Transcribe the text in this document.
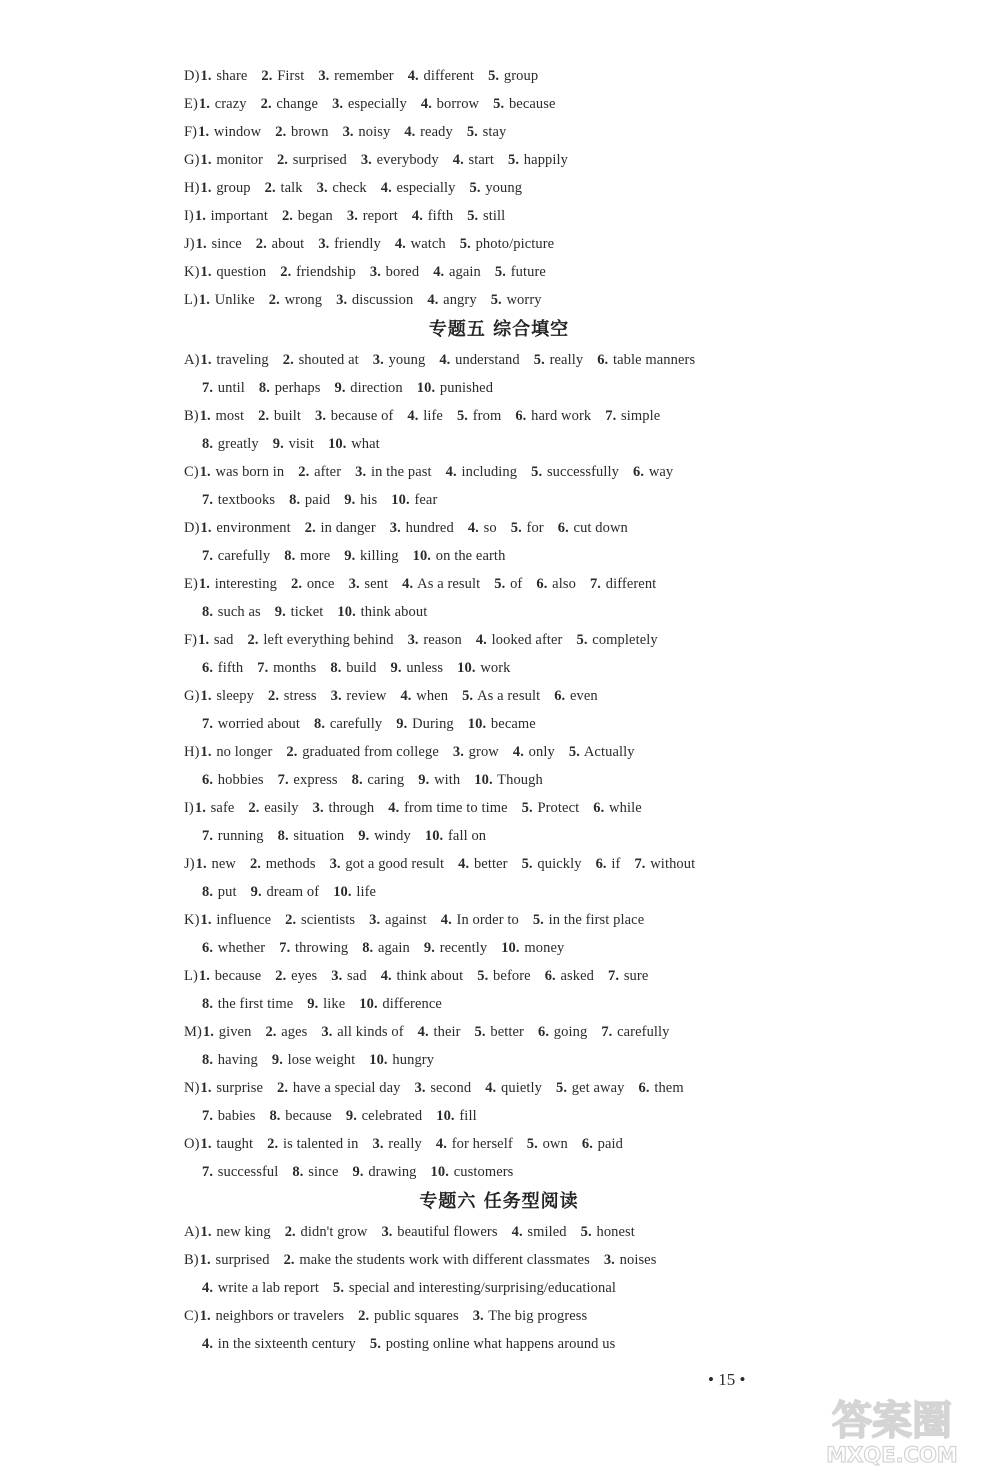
D)1. share 2. First 3. remember 4. different 5. group
E)1. crazy 2. change 3. especially 4. borrow 5. because
F)1. window 2. brown 3. noisy 4. ready 5. stay
G)1. monitor 2. surprised 3. everybody 4. start 5. happily
H)1. group 2. talk 3. check 4. especially 5. young
I)1. important 2. began 3. report 4. fifth 5. still
J)1. since 2. about 3. friendly 4. watch 5. photo/picture
K)1. question 2. friendship 3. bored 4. again 5. future
L)1. Unlike 2. wrong 3. discussion 4. angry 5. worry
专题五 综合填空
A)1. traveling 2. shouted at 3. young 4. understand 5. really 6. table manners
7. until 8. perhaps 9. direction 10. punished
B)1. most 2. built 3. because of 4. life 5. from 6. hard work 7. simple
8. greatly 9. visit 10. what
C)1. was born in 2. after 3. in the past 4. including 5. successfully 6. way
7. textbooks 8. paid 9. his 10. fear
D)1. environment 2. in danger 3. hundred 4. so 5. for 6. cut down
7. carefully 8. more 9. killing 10. on the earth
E)1. interesting 2. once 3. sent 4. As a result 5. of 6. also 7. different
8. such as 9. ticket 10. think about
F)1. sad 2. left everything behind 3. reason 4. looked after 5. completely
6. fifth 7. months 8. build 9. unless 10. work
G)1. sleepy 2. stress 3. review 4. when 5. As a result 6. even
7. worried about 8. carefully 9. During 10. became
H)1. no longer 2. graduated from college 3. grow 4. only 5. Actually
6. hobbies 7. express 8. caring 9. with 10. Though
I)1. safe 2. easily 3. through 4. from time to time 5. Protect 6. while
7. running 8. situation 9. windy 10. fall on
J)1. new 2. methods 3. got a good result 4. better 5. quickly 6. if 7. without
8. put 9. dream of 10. life
K)1. influence 2. scientists 3. against 4. In order to 5. in the first place
6. whether 7. throwing 8. again 9. recently 10. money
L)1. because 2. eyes 3. sad 4. think about 5. before 6. asked 7. sure
8. the first time 9. like 10. difference
M)1. given 2. ages 3. all kinds of 4. their 5. better 6. going 7. carefully
8. having 9. lose weight 10. hungry
N)1. surprise 2. have a special day 3. second 4. quietly 5. get away 6. them
7. babies 8. because 9. celebrated 10. fill
O)1. taught 2. is talented in 3. really 4. for herself 5. own 6. paid
7. successful 8. since 9. drawing 10. customers
专题六 任务型阅读
A)1. new king 2. didn't grow 3. beautiful flowers 4. smiled 5. honest
B)1. surprised 2. make the students work with different classmates 3. noises
4. write a lab report 5. special and interesting/surprising/educational
C)1. neighbors or travelers 2. public squares 3. The big progress
4. in the sixteenth century 5. posting online what happens around us
• 15 •
答案圈
MXQE.COM
